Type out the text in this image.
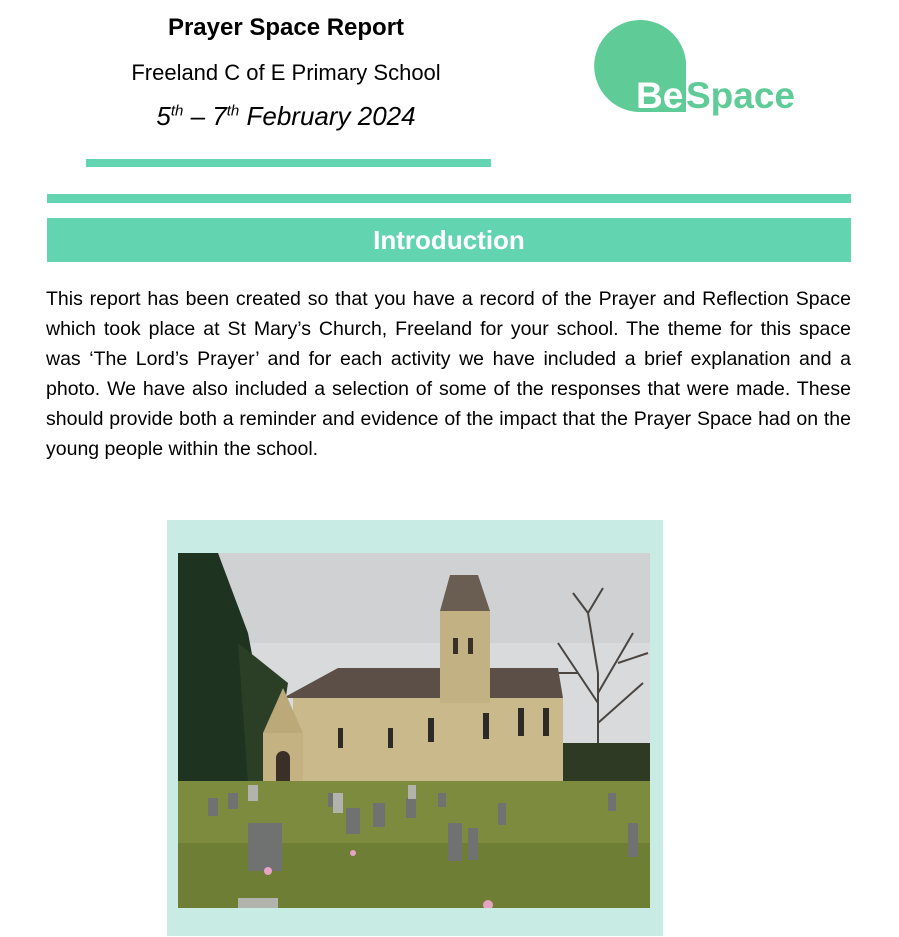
Prayer Space Report
Freeland C of E Primary School
5th – 7th February 2024	Be Space
Introduction

This report has been created so that you have a record of the Prayer and Reflection Space which took place at St Mary’s Church, Freeland for your school. The theme for this space was ‘The Lord’s Prayer’ and for each activity we have included a brief explanation and a photo. We have also included a selection of some of the responses that were made. These should provide both a reminder and evidence of the impact that the Prayer Space had on the young people within the school.
